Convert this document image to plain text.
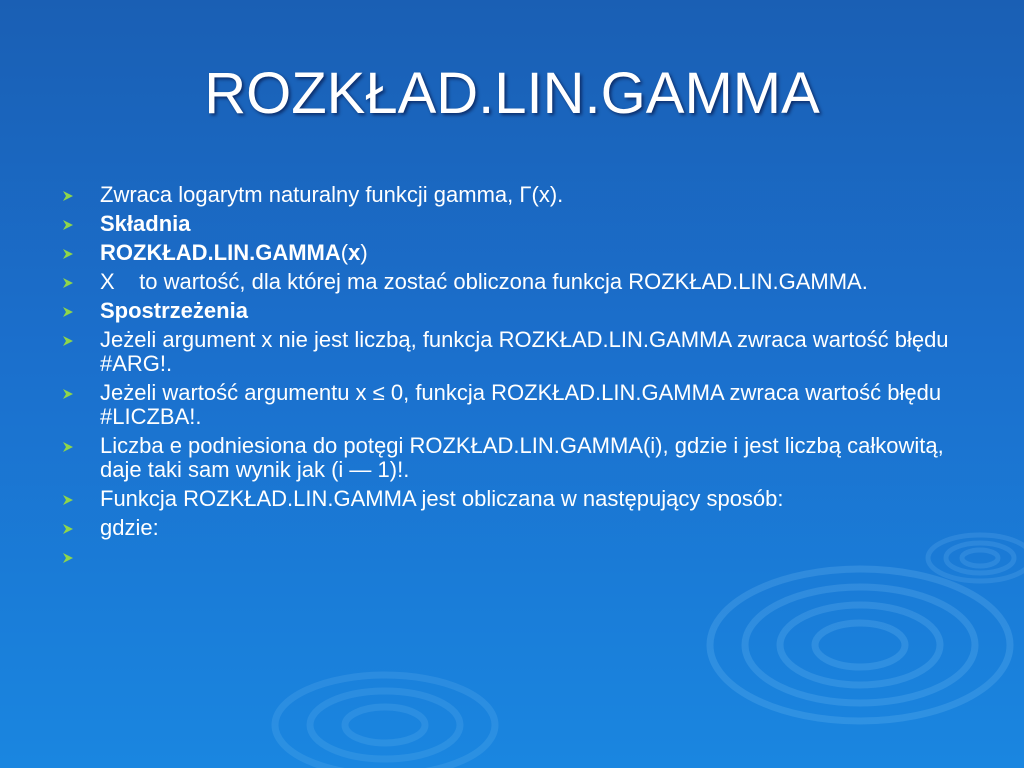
ROZKŁAD.LIN.GAMMA
Zwraca logarytm naturalny funkcji gamma, Γ(x).
Składnia
ROZKŁAD.LIN.GAMMA(x)
X    to wartość, dla której ma zostać obliczona funkcja ROZKŁAD.LIN.GAMMA.
Spostrzeżenia
Jeżeli argument x nie jest liczbą, funkcja ROZKŁAD.LIN.GAMMA zwraca wartość błędu #ARG!.
Jeżeli wartość argumentu x ≤ 0, funkcja ROZKŁAD.LIN.GAMMA zwraca wartość błędu #LICZBA!.
Liczba e podniesiona do potęgi ROZKŁAD.LIN.GAMMA(i), gdzie i jest liczbą całkowitą, daje taki sam wynik jak (i — 1)!.
Funkcja ROZKŁAD.LIN.GAMMA jest obliczana w następujący sposób:
gdzie:
